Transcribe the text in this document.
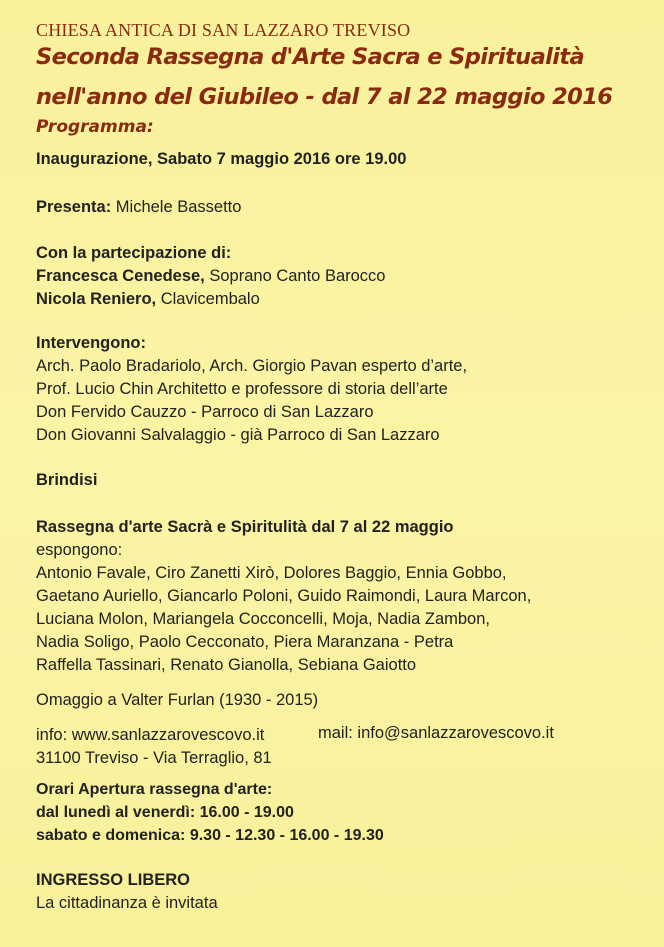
CHIESA ANTICA DI SAN LAZZARO TREVISO
Seconda Rassegna d'Arte Sacra e Spiritualità
nell'anno del Giubileo - dal 7 al 22 maggio 2016
Programma:
Inaugurazione, Sabato 7 maggio 2016 ore 19.00
Presenta: Michele Bassetto
Con la partecipazione di:
Francesca Cenedese, Soprano Canto Barocco
Nicola Reniero, Clavicembalo
Intervengono:
Arch. Paolo Bradariolo, Arch. Giorgio Pavan esperto d’arte,
Prof. Lucio Chin Architetto e professore di storia dell’arte
Don Fervido Cauzzo - Parroco di San Lazzaro
Don Giovanni Salvalaggio - già Parroco di San Lazzaro
Brindisi
Rassegna d'arte Sacrà e Spiritulità dal 7 al 22 maggio
espongono:
Antonio Favale, Ciro Zanetti Xirò, Dolores Baggio, Ennia Gobbo,
Gaetano Auriello, Giancarlo Poloni, Guido Raimondi, Laura Marcon,
Luciana Molon, Mariangela Cocconcelli, Moja, Nadia Zambon,
Nadia Soligo, Paolo Cecconato, Piera Maranzana - Petra
Raffella Tassinari, Renato Gianolla, Sebiana Gaiotto
Omaggio a Valter Furlan (1930 - 2015)
info: www.sanlazzarovescovo.it	mail: info@sanlazzarovescovo.it
31100 Treviso - Via Terraglio, 81
Orari Apertura rassegna d'arte:
dal lunedì al venerdì: 16.00 - 19.00
sabato e domenica: 9.30 - 12.30 - 16.00 - 19.30
INGRESSO LIBERO
La cittadinanza è invitata
